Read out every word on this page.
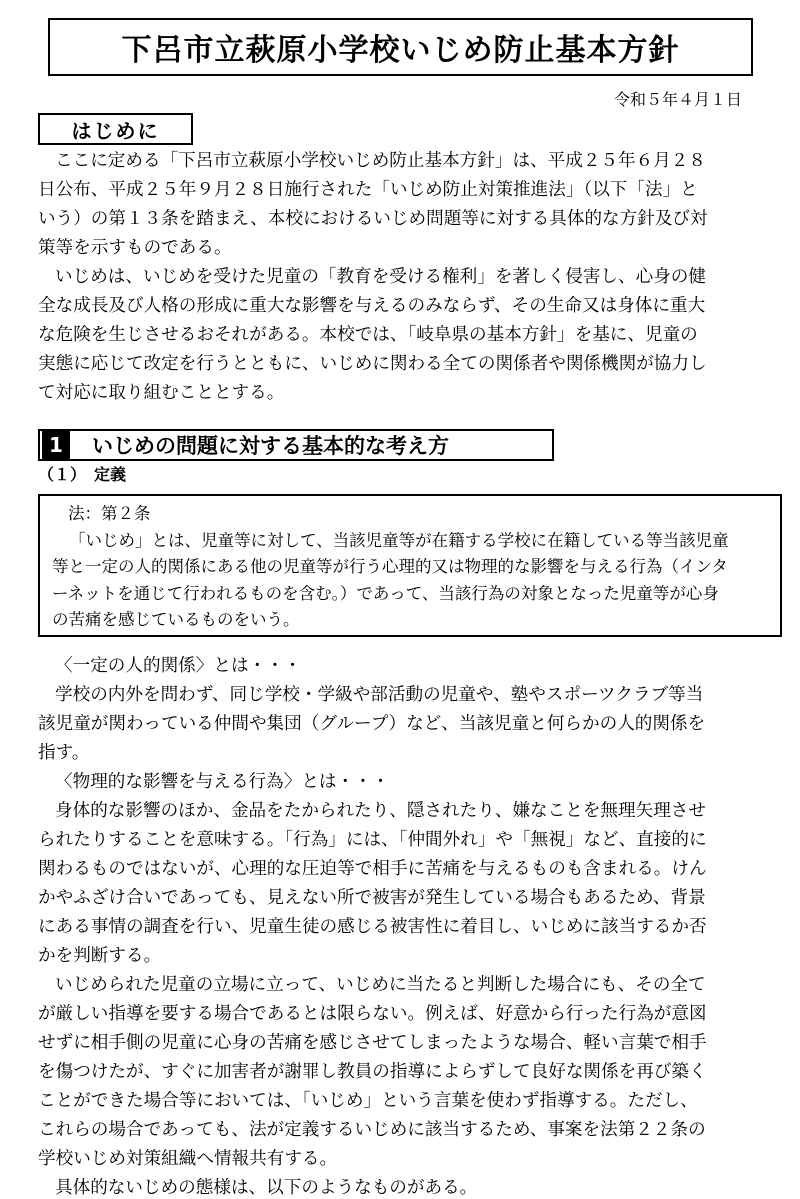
下呂市立萩原小学校いじめ防止基本方針
令和５年４月１日
はじめに
ここに定める「下呂市立萩原小学校いじめ防止基本方針」は、平成２５年６月２８
日公布、平成２５年９月２８日施行された「いじめ防止対策推進法」（以下「法」と
いう）の第１３条を踏まえ、本校におけるいじめ問題等に対する具体的な方針及び対
策等を示すものである。
いじめは、いじめを受けた児童の「教育を受ける権利」を著しく侵害し、心身の健
全な成長及び人格の形成に重大な影響を与えるのみならず、その生命又は身体に重大
な危険を生じさせるおそれがある。本校では、「岐阜県の基本方針」を基に、児童の
実態に応じて改定を行うとともに、いじめに関わる全ての関係者や関係機関が協力し
て対応に取り組むこととする。
1	いじめの問題に対する基本的な考え方
（１）　定義
法：第２条
「いじめ」とは、児童等に対して、当該児童等が在籍する学校に在籍している等当該児童
等と一定の人的関係にある他の児童等が行う心理的又は物理的な影響を与える行為（インタ
ーネットを通じて行われるものを含む。）であって、当該行為の対象となった児童等が心身
の苦痛を感じているものをいう。
〈一定の人的関係〉とは・・・
学校の内外を問わず、同じ学校・学級や部活動の児童や、塾やスポーツクラブ等当
該児童が関わっている仲間や集団（グループ）など、当該児童と何らかの人的関係を
指す。
〈物理的な影響を与える行為〉とは・・・
身体的な影響のほか、金品をたかられたり、隠されたり、嫌なことを無理矢理させ
られたりすることを意味する。「行為」には、「仲間外れ」や「無視」など、直接的に
関わるものではないが、心理的な圧迫等で相手に苦痛を与えるものも含まれる。けん
かやふざけ合いであっても、見えない所で被害が発生している場合もあるため、背景
にある事情の調査を行い、児童生徒の感じる被害性に着目し、いじめに該当するか否
かを判断する。
いじめられた児童の立場に立って、いじめに当たると判断した場合にも、その全て
が厳しい指導を要する場合であるとは限らない。例えば、好意から行った行為が意図
せずに相手側の児童に心身の苦痛を感じさせてしまったような場合、軽い言葉で相手
を傷つけたが、すぐに加害者が謝罪し教員の指導によらずして良好な関係を再び築く
ことができた場合等においては、「いじめ」という言葉を使わず指導する。ただし、
これらの場合であっても、法が定義するいじめに該当するため、事案を法第２２条の
学校いじめ対策組織へ情報共有する。
具体的ないじめの態様は、以下のようなものがある。
